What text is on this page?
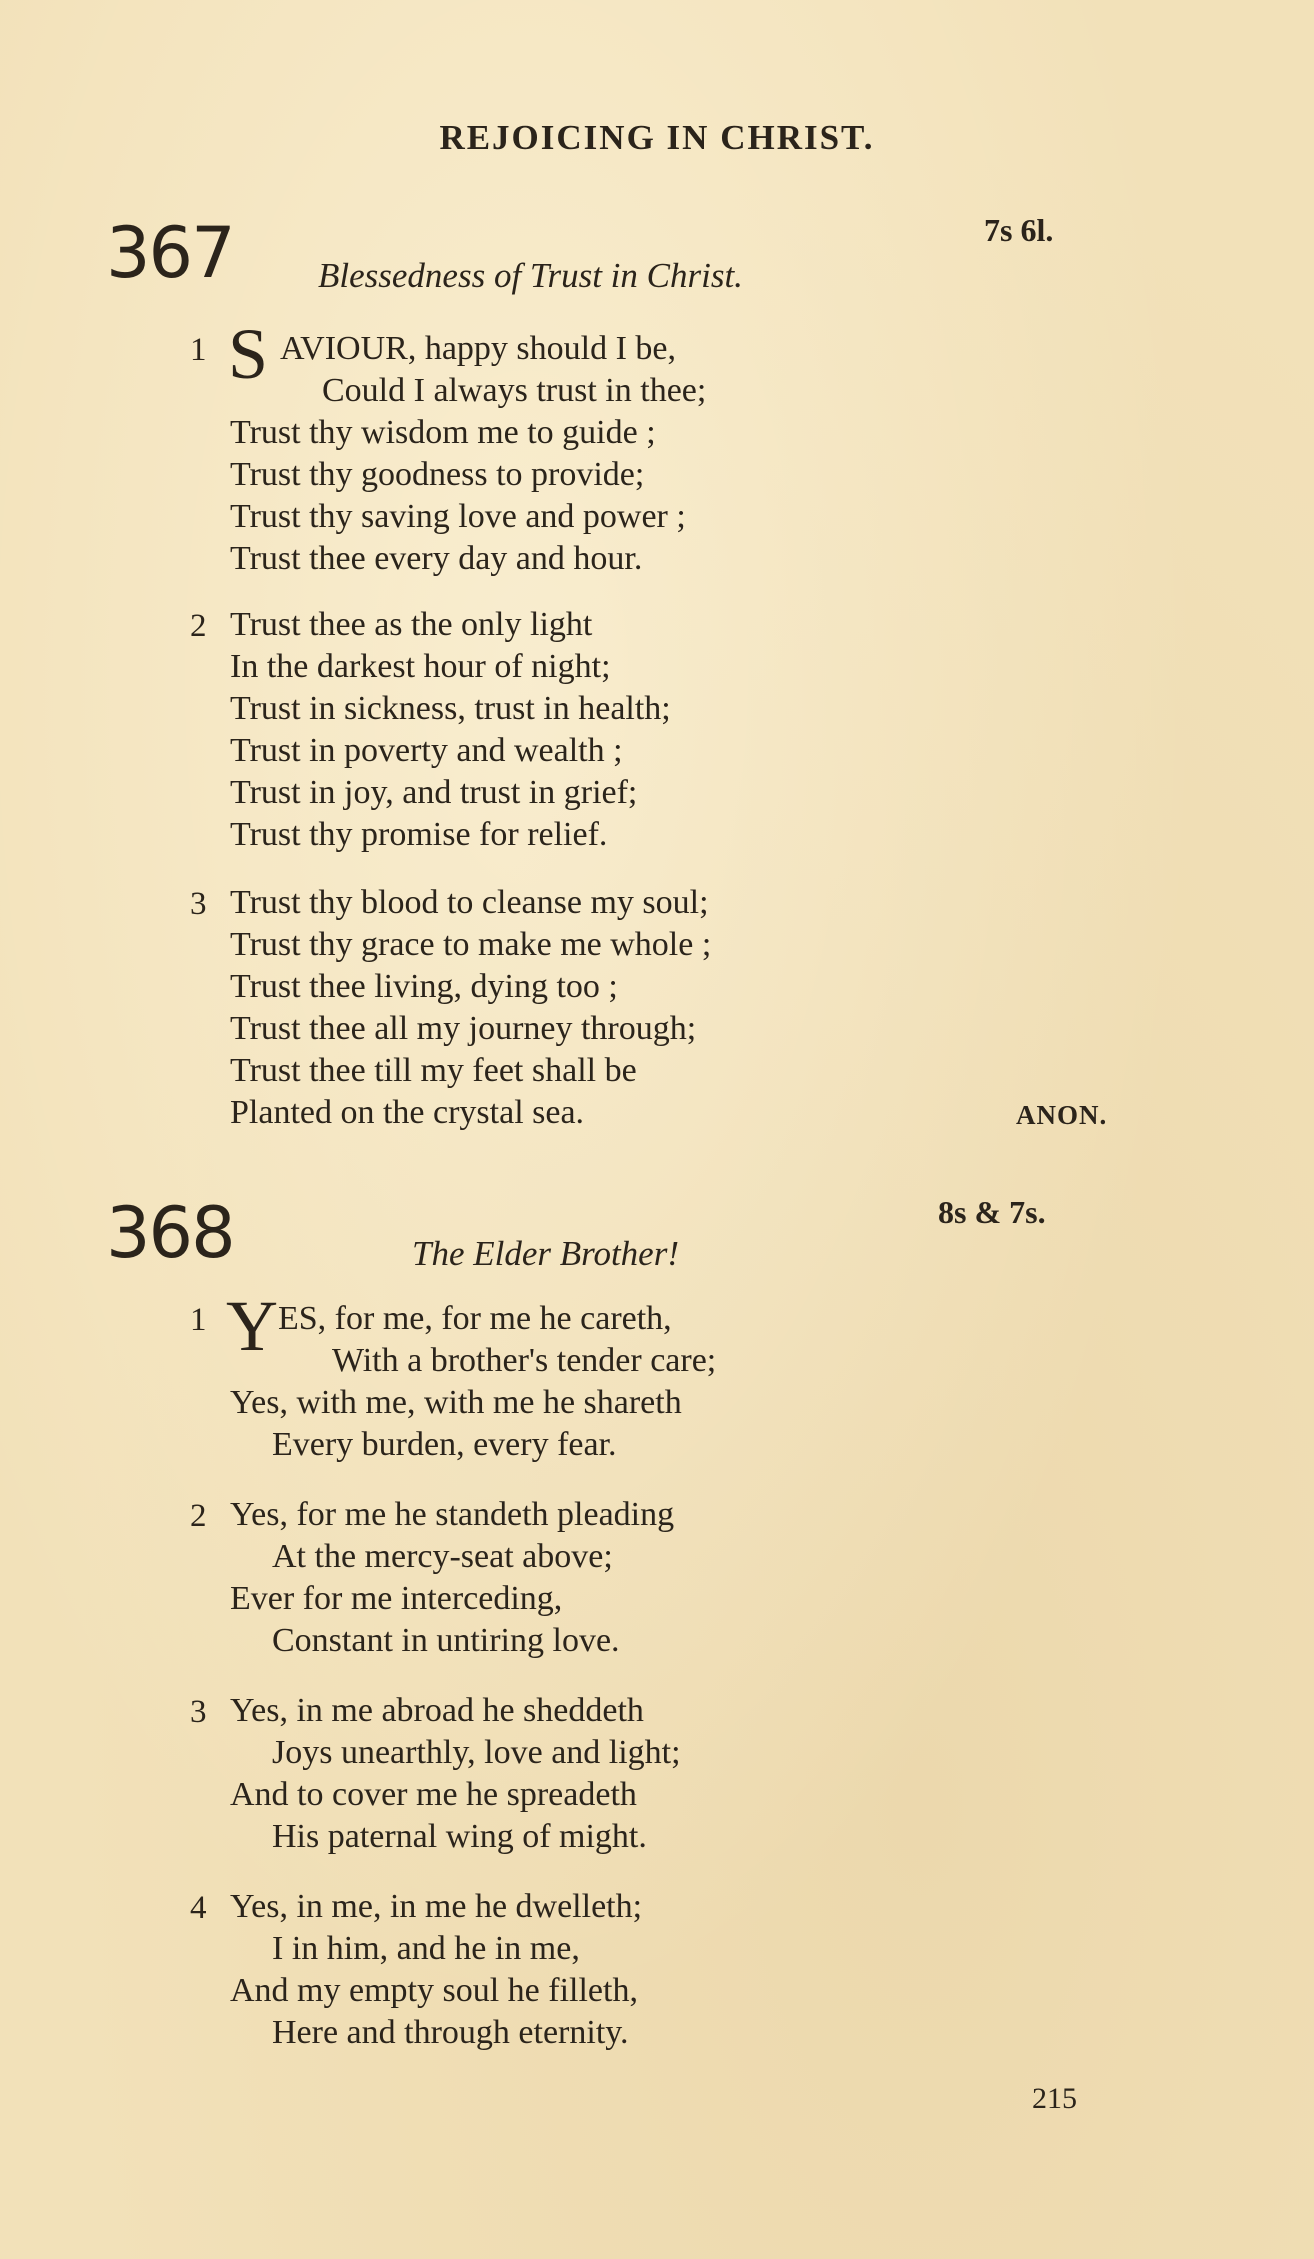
REJOICING IN CHRIST.
367	7s 6l.
Blessedness of Trust in Christ.
1 S AVIOUR, happy should I be,
Could I always trust in thee;
Trust thy wisdom me to guide ;
Trust thy goodness to provide;
Trust thy saving love and power ;
Trust thee every day and hour.
2 Trust thee as the only light
In the darkest hour of night;
Trust in sickness, trust in health;
Trust in poverty and wealth ;
Trust in joy, and trust in grief;
Trust thy promise for relief.
3 Trust thy blood to cleanse my soul;
Trust thy grace to make me whole ;
Trust thee living, dying too ;
Trust thee all my journey through;
Trust thee till my feet shall be
Planted on the crystal sea.	ANON.
368	8s & 7s.
The Elder Brother!
1 Y ES, for me, for me he careth,
With a brother's tender care;
Yes, with me, with me he shareth
Every burden, every fear.
2 Yes, for me he standeth pleading
At the mercy-seat above;
Ever for me interceding,
Constant in untiring love.
3 Yes, in me abroad he sheddeth
Joys unearthly, love and light;
And to cover me he spreadeth
His paternal wing of might.
4 Yes, in me, in me he dwelleth;
I in him, and he in me,
And my empty soul he filleth,
Here and through eternity.
215
